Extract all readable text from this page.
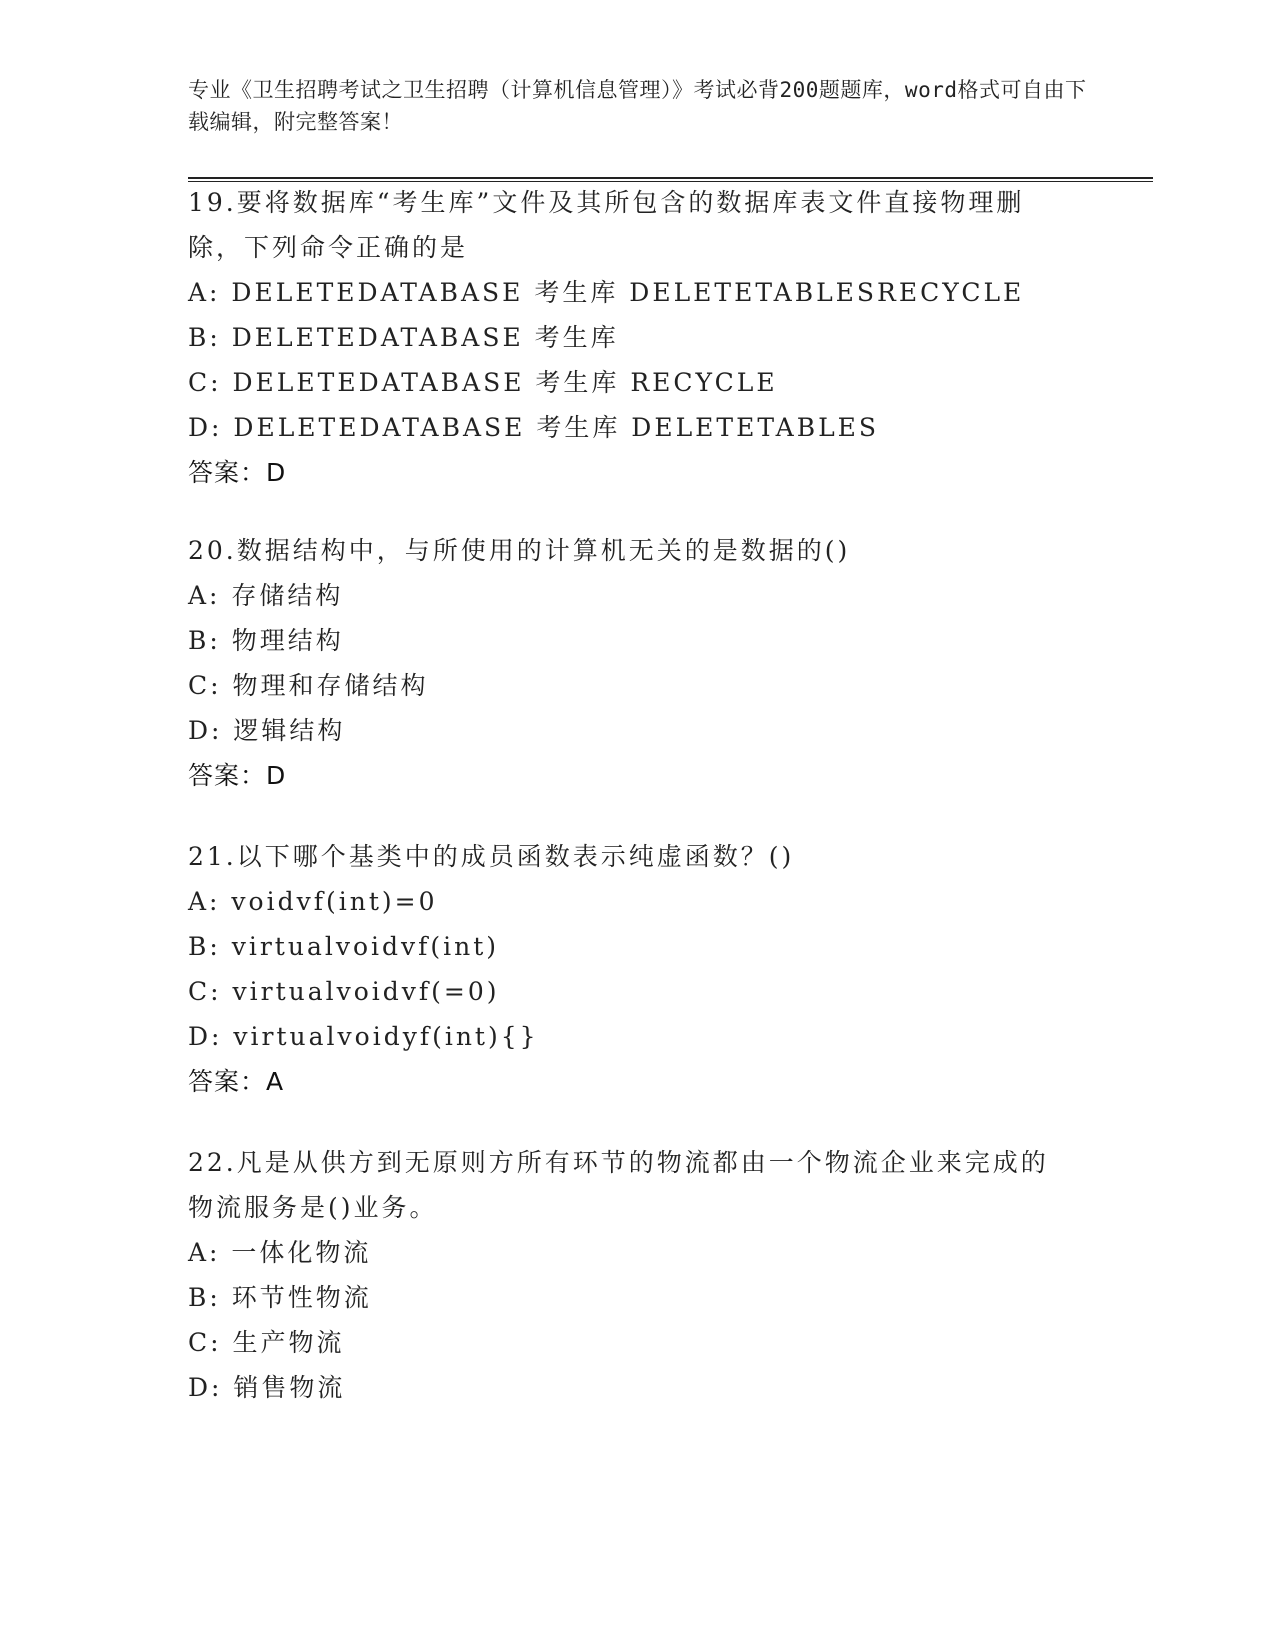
专业《卫生招聘考试之卫生招聘（计算机信息管理）》考试必背200题题库，word格式可自由下载编辑，附完整答案！
19.要将数据库“考生库”文件及其所包含的数据库表文件直接物理删除，下列命令正确的是
A: DELETEDATABASE 考生库 DELETETABLESRECYCLE
B: DELETEDATABASE 考生库
C: DELETEDATABASE 考生库 RECYCLE
D: DELETEDATABASE 考生库 DELETETABLES
答案：D
20.数据结构中，与所使用的计算机无关的是数据的()
A: 存储结构
B: 物理结构
C: 物理和存储结构
D: 逻辑结构
答案：D
21.以下哪个基类中的成员函数表示纯虚函数？()
A: voidvf(int)=0
B: virtualvoidvf(int)
C: virtualvoidvf(=0)
D: virtualvoidyf(int){}
答案：A
22.凡是从供方到无原则方所有环节的物流都由一个物流企业来完成的物流服务是()业务。
A: 一体化物流
B: 环节性物流
C: 生产物流
D: 销售物流
